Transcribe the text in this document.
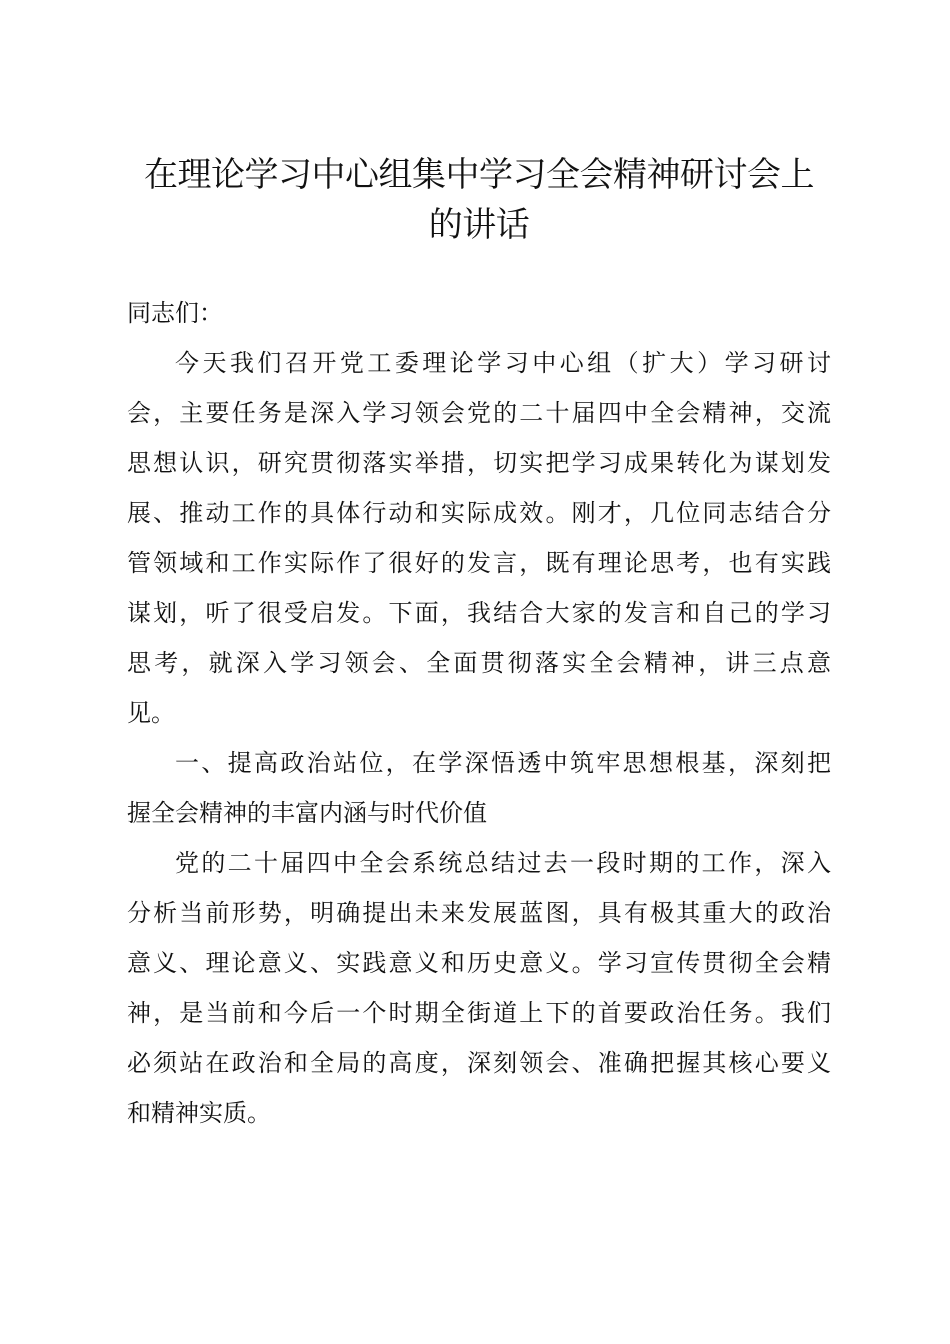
在理论学习中心组集中学习全会精神研讨会上
的讲话

同志们：

今天我们召开党工委理论学习中心组（扩大）学习研讨
会，主要任务是深入学习领会党的二十届四中全会精神，交流
思想认识，研究贯彻落实举措，切实把学习成果转化为谋划发
展、推动工作的具体行动和实际成效。刚才，几位同志结合分
管领域和工作实际作了很好的发言，既有理论思考，也有实践
谋划，听了很受启发。下面，我结合大家的发言和自己的学习
思考，就深入学习领会、全面贯彻落实全会精神，讲三点意
见。
一、提高政治站位，在学深悟透中筑牢思想根基，深刻把
握全会精神的丰富内涵与时代价值
党的二十届四中全会系统总结过去一段时期的工作，深入
分析当前形势，明确提出未来发展蓝图，具有极其重大的政治
意义、理论意义、实践意义和历史意义。学习宣传贯彻全会精
神，是当前和今后一个时期全街道上下的首要政治任务。我们
必须站在政治和全局的高度，深刻领会、准确把握其核心要义
和精神实质。
